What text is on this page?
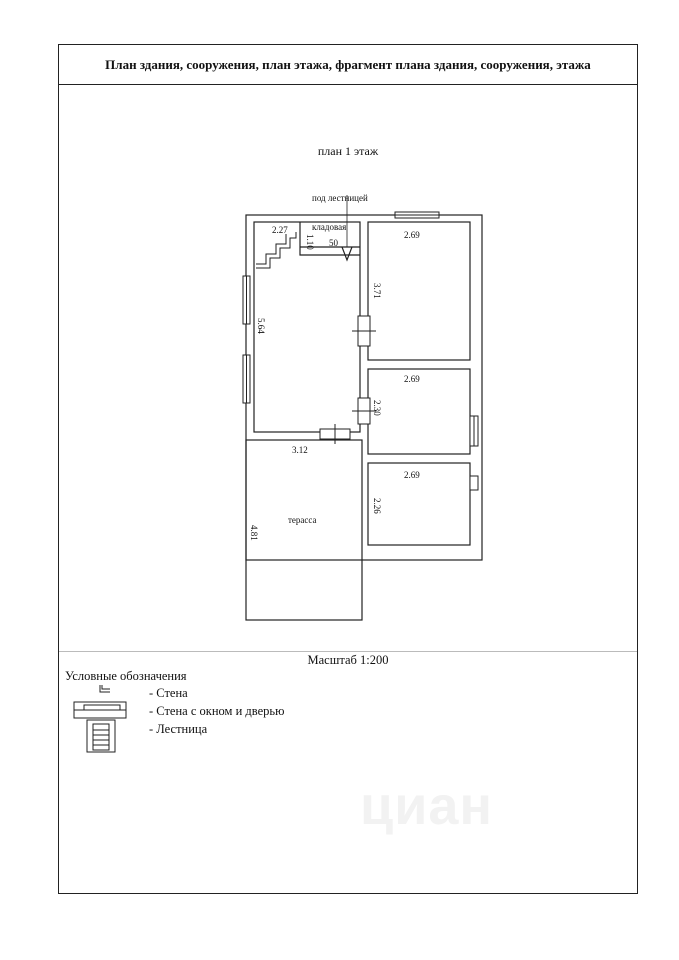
План здания, сооружения, план этажа, фрагмент плана здания, сооружения, этажа
план 1 этаж
Масштаб 1:200
Условные обозначения
- Стена
- Стена с окном и дверью
- Лестница
циан
под лестницей
кладовая
2.27
1.10 50
5.64
2.69
3.71
2.69
2.30
2.69
2.26
3.12
терасса
4.81
